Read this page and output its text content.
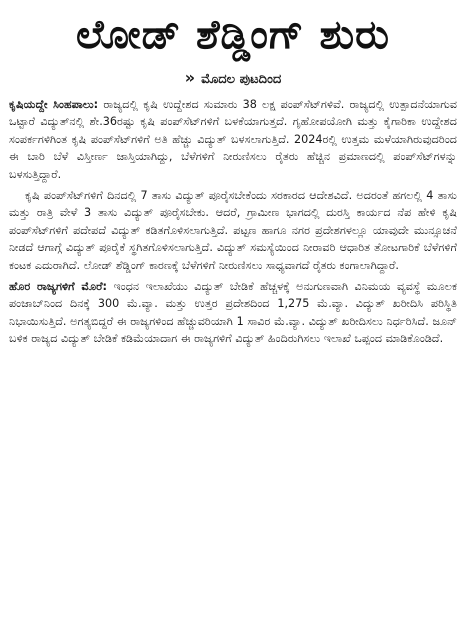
ಲೋಡ್ ಶೆಡ್ಡಿಂಗ್ ಶುರು
» ಮೊದಲ ಪುಟದಿಂದ

ಕೃಷಿಯದ್ದೇ ಸಿಂಹಪಾಲು: ರಾಜ್ಯದಲ್ಲಿ ಕೃಷಿ ಉದ್ದೇಶದ ಸುಮಾರು 38 ಲಕ್ಷ ಪಂಪ್‌ಸೆಟ್‌ಗಳಿವೆ. ರಾಜ್ಯದಲ್ಲಿ ಉತ್ಪಾದನೆಯಾಗುವ ಒಟ್ಟಾರೆ ವಿದ್ಯುತ್‌ನಲ್ಲಿ ಶೇ.36ರಷ್ಟು ಕೃಷಿ ಪಂಪ್‌ಸೆಟ್‌ಗಳಿಗೆ ಬಳಕೆಯಾಗುತ್ತದೆ. ಗೃಹೋಪಯೋಗಿ ಮತ್ತು ಕೈಗಾರಿಕಾ ಉದ್ದೇಶದ ಸಂಪರ್ಕಗಳಿಗಿಂತ ಕೃಷಿ ಪಂಪ್‌ಸೆಟ್‌ಗಳಿಗೆ ಅತಿ ಹೆಚ್ಚು ವಿದ್ಯುತ್ ಬಳಸಲಾಗುತ್ತಿದೆ. 2024ರಲ್ಲಿ ಉತ್ತಮ ಮಳೆಯಾಗಿರುವುದರಿಂದ ಈ ಬಾರಿ ಬೆಳೆ ವಿಸ್ತೀರ್ಣ ಜಾಸ್ತಿಯಾಗಿದ್ದು, ಬೆಳೆಗಳಿಗೆ ನೀರುಣಿಸಲು ರೈತರು ಹೆಚ್ಚಿನ ಪ್ರಮಾಣದಲ್ಲಿ ಪಂಪ್‌ಸೆಟ್‌ಗಳನ್ನು ಬಳಸುತ್ತಿದ್ದಾರೆ.

ಕೃಷಿ ಪಂಪ್‌ಸೆಟ್‌ಗಳಿಗೆ ದಿನದಲ್ಲಿ 7 ತಾಸು ವಿದ್ಯುತ್ ಪೂರೈಸಬೇಕೆಂದು ಸರಕಾರದ ಆದೇಶವಿದೆ. ಅದರಂತೆ ಹಗಲಲ್ಲಿ 4 ತಾಸು ಮತ್ತು ರಾತ್ರಿ ವೇಳೆ 3 ತಾಸು ವಿದ್ಯುತ್ ಪೂರೈಸಬೇಕು. ಆದರೆ, ಗ್ರಾಮೀಣ ಭಾಗದಲ್ಲಿ ದುರಸ್ತಿ ಕಾರ್ಯದ ನೆಪ ಹೇಳಿ ಕೃಷಿ ಪಂಪ್‌ಸೆಟ್‌ಗಳಿಗೆ ಪದೇಪದೆ ವಿದ್ಯುತ್ ಕಡಿತಗೊಳಿಸಲಾಗುತ್ತಿದೆ. ಪಟ್ಟಣ ಹಾಗೂ ನಗರ ಪ್ರದೇಶಗಳಲ್ಲೂ ಯಾವುದೇ ಮುನ್ಸೂಚನೆ ನೀಡದೆ ಆಗಾಗ್ಗೆ ವಿದ್ಯುತ್ ಪೂರೈಕೆ ಸ್ಥಗಿತಗೊಳಿಸಲಾಗುತ್ತಿದೆ. ವಿದ್ಯುತ್ ಸಮಸ್ಯೆಯಿಂದ ನೀರಾವರಿ ಆಧಾರಿತ ತೋಟಗಾರಿಕೆ ಬೆಳೆಗಳಿಗೆ ಕಂಟಕ ಎದುರಾಗಿದೆ. ಲೋಡ್ ಶೆಡ್ಡಿಂಗ್ ಕಾರಣಕ್ಕೆ ಬೆಳೆಗಳಿಗೆ ನೀರುಣಿಸಲು ಸಾಧ್ಯವಾಗದೆ ರೈತರು ಕಂಗಾಲಾಗಿದ್ದಾರೆ.

ಹೊರ ರಾಜ್ಯಗಳಿಗೆ ಮೊರೆ: ಇಂಧನ ಇಲಾಖೆಯು ವಿದ್ಯುತ್ ಬೇಡಿಕೆ ಹೆಚ್ಚಳಕ್ಕೆ ಅನುಗುಣವಾಗಿ ವಿನಿಮಯ ವ್ಯವಸ್ಥೆ ಮೂಲಕ ಪಂಜಾಬ್‌ನಿಂದ ದಿನಕ್ಕೆ 300 ಮೆ.ವ್ಯಾ. ಮತ್ತು ಉತ್ತರ ಪ್ರದೇಶದಿಂದ 1,275 ಮೆ.ವ್ಯಾ. ವಿದ್ಯುತ್ ಖರೀದಿಸಿ ಪರಿಸ್ಥಿತಿ ನಿಭಾಯಿಸುತ್ತಿದೆ. ಅಗತ್ಯಬಿದ್ದರೆ ಈ ರಾಜ್ಯಗಳಿಂದ ಹೆಚ್ಚುವರಿಯಾಗಿ 1 ಸಾವಿರ ಮೆ.ವ್ಯಾ. ವಿದ್ಯುತ್ ಖರೀದಿಸಲು ನಿರ್ಧರಿಸಿದೆ. ಜೂನ್ ಬಳಿಕ ರಾಜ್ಯದ ವಿದ್ಯುತ್ ಬೇಡಿಕೆ ಕಡಿಮೆಯಾದಾಗ ಈ ರಾಜ್ಯಗಳಿಗೆ ವಿದ್ಯುತ್ ಹಿಂದಿರುಗಿಸಲು ಇಲಾಖೆ ಒಪ್ಪಂದ ಮಾಡಿಕೊಂಡಿದೆ.
